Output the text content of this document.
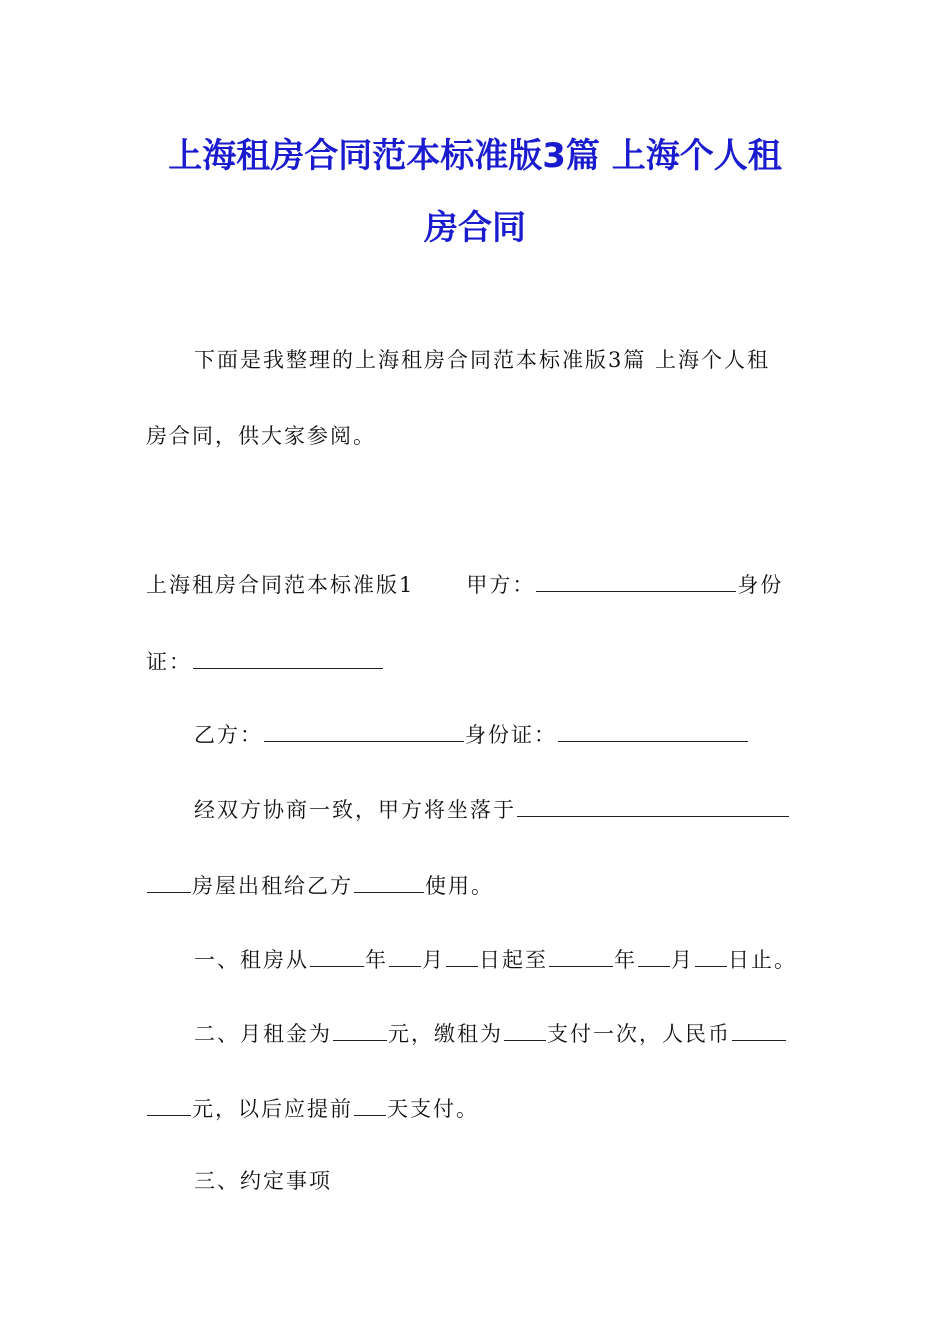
上海租房合同范本标准版3篇 上海个人租
房合同
下面是我整理的上海租房合同范本标准版3篇 上海个人租
房合同，供大家参阅。
上海租房合同范本标准版1 甲方：	身份
证：
乙方：	身份证：
经双方协商一致，甲方将坐落于
房屋出租给乙方	使用。
一、租房从	年 月 日起至	年 月 日止。
二、月租金为	元，缴租为 支付一次，人民币
元，以后应提前 天支付。
三、约定事项
